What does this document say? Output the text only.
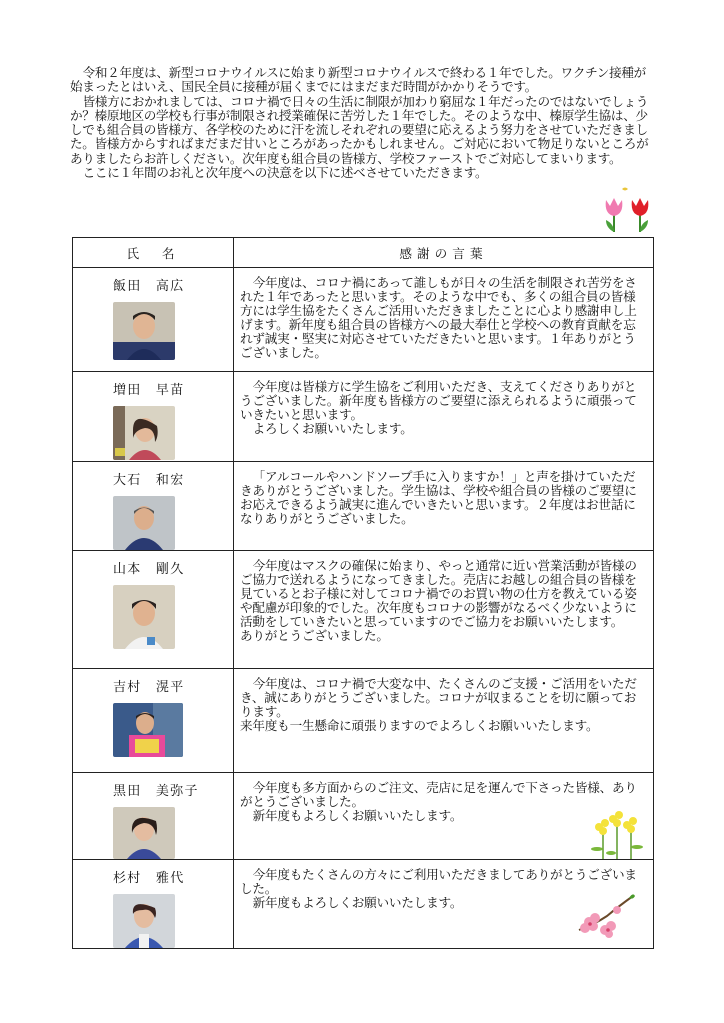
令和２年度は、新型コロナウイルスに始まり新型コロナウイルスで終わる１年でした。ワクチン接種が始まったとはいえ、国民全員に接種が届くまでにはまだまだ時間がかかりそうです。

皆様方におかれましては、コロナ禍で日々の生活に制限が加わり窮屈な１年だったのではないでしょうか？榛原地区の学校も行事が制限され授業確保に苦労した１年でした。そのような中、榛原学生協は、少しでも組合員の皆様方、各学校のために汗を流しそれぞれの要望に応えるよう努力をさせていただきました。皆様方からすればまだまだ甘いところがあったかもしれません。ご対応において物足りないところがありましたらお許しください。次年度も組合員の皆様方、学校ファーストでご対応してまいります。

ここに１年間のお礼と次年度への決意を以下に述べさせていただきます。

氏　名	感謝の言葉

飯田　高広	今年度は、コロナ禍にあって誰しもが日々の生活を制限され苦労をされた１年であったと思います。そのような中でも、多くの組合員の皆様方には学生協をたくさんご活用いただきましたことに心より感謝申し上げます。新年度も組合員の皆様方への最大奉仕と学校への教育貢献を忘れず誠実・堅実に対応させていただきたいと思います。１年ありがとうございました。

増田　早苗	今年度は皆様方に学生協をご利用いただき、支えてくださりありがとうございました。新年度も皆様方のご要望に添えられるように頑張っていきたいと思います。

よろしくお願いいたします。

大石　和宏	「アルコールやハンドソープ手に入りますか！」と声を掛けていただきありがとうございました。学生協は、学校や組合員の皆様のご要望にお応えできるよう誠実に進んでいきたいと思います。２年度はお世話になりありがとうございました。

山本　剛久	今年度はマスクの確保に始まり、やっと通常に近い営業活動が皆様のご協力で送れるようになってきました。売店にお越しの組合員の皆様を見ているとお子様に対してコロナ禍でのお買い物の仕方を教えている姿や配慮が印象的でした。次年度もコロナの影響がなるべく少ないように活動をしていきたいと思っていますのでご協力をお願いいたします。

ありがとうございました。

吉村　滉平	今年度は、コロナ禍で大変な中、たくさんのご支援・ご活用をいただき、誠にありがとうございました。コロナが収まることを切に願っております。

来年度も一生懸命に頑張りますのでよろしくお願いいたします。

黒田　美弥子	今年度も多方面からのご注文、売店に足を運んで下さった皆様、ありがとうございました。

新年度もよろしくお願いいたします。

杉村　雅代	今年度もたくさんの方々にご利用いただきましてありがとうございました。

新年度もよろしくお願いいたします。
